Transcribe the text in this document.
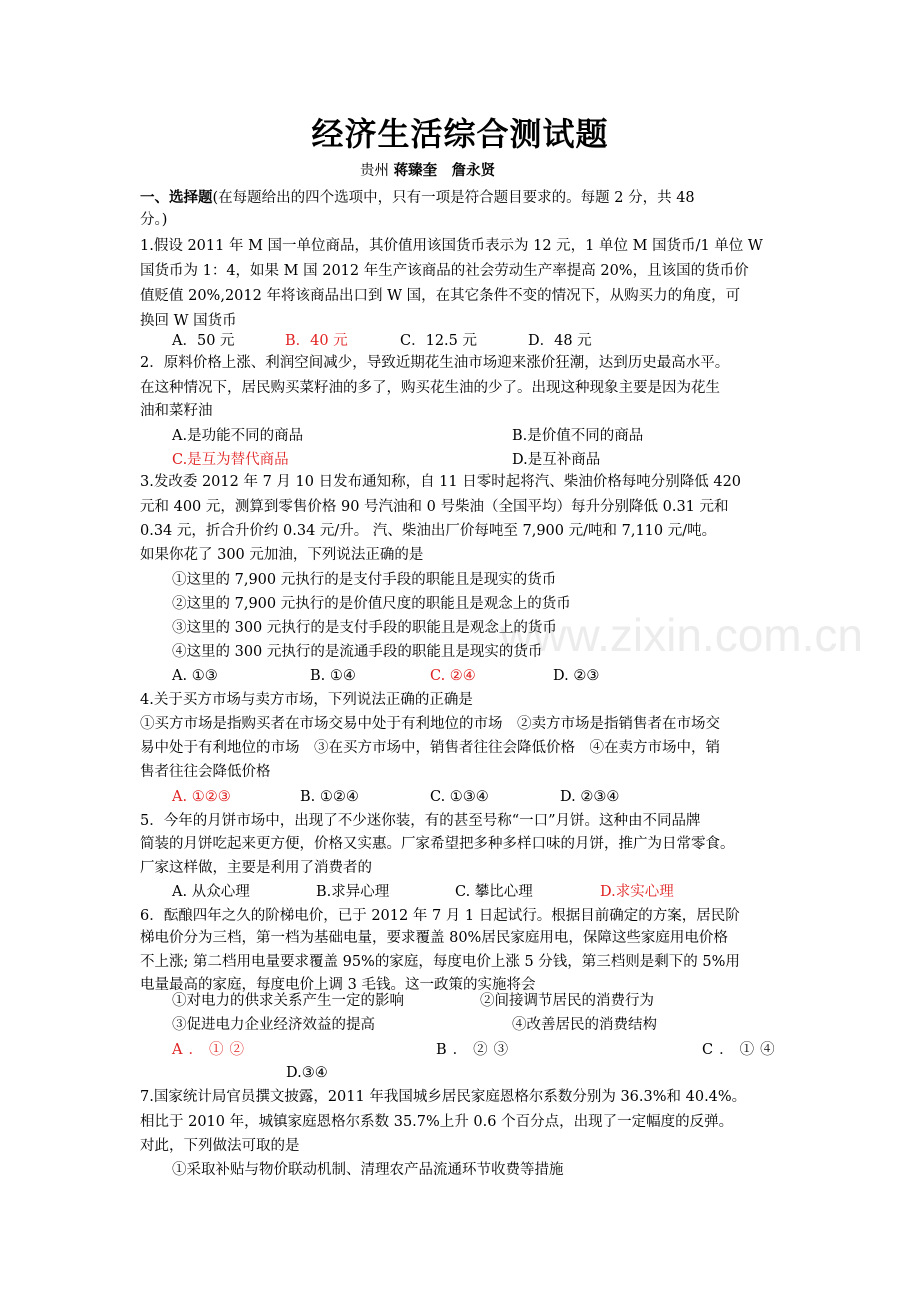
www.zixin.com.cn
经济生活综合测试题
贵州 蒋臻奎　詹永贤
一、选择题(在每题给出的四个选项中，只有一项是符合题目要求的。每题 2 分，共 48
分。)
1.假设 2011 年 M 国一单位商品，其价值用该国货币表示为 12 元，1 单位 M 国货币/1 单位 W
国货币为 1：4，如果 M 国 2012 年生产该商品的社会劳动生产率提高 20%，且该国的货币价
值贬值 20%,2012 年将该商品出口到 W 国，在其它条件不变的情况下，从购买力的角度，可
换回 W 国货币
A．50 元	B．40 元	C．12.5 元	D．48 元
2．原料价格上涨、利润空间减少，导致近期花生油市场迎来涨价狂潮，达到历史最高水平。
在这种情况下，居民购买菜籽油的多了，购买花生油的少了。出现这种现象主要是因为花生
油和菜籽油
A.是功能不同的商品	B.是价值不同的商品
C.是互为替代商品	D.是互补商品
3.发改委 2012 年 7 月 10 日发布通知称，自 11 日零时起将汽、柴油价格每吨分别降低 420
元和 400 元，测算到零售价格 90 号汽油和 0 号柴油（全国平均）每升分别降低 0.31 元和
0.34 元，折合升价约 0.34 元/升。 汽、柴油出厂价每吨至 7,900 元/吨和 7,110 元/吨。
如果你花了 300 元加油，下列说法正确的是
①这里的 7,900 元执行的是支付手段的职能且是现实的货币
②这里的 7,900 元执行的是价值尺度的职能且是观念上的货币
③这里的 300 元执行的是支付手段的职能且是观念上的货币
④这里的 300 元执行的是流通手段的职能且是现实的货币
A. ①③	B. ①④	C. ②④	D. ②③
4.关于买方市场与卖方市场，下列说法正确的正确是
①买方市场是指购买者在市场交易中处于有利地位的市场　②卖方市场是指销售者在市场交
易中处于有利地位的市场　③在买方市场中，销售者往往会降低价格　④在卖方市场中，销
售者往往会降低价格
A. ①②③	B. ①②④	C. ①③④	D. ②③④
5．今年的月饼市场中，出现了不少迷你装，有的甚至号称“一口”月饼。这种由不同品牌
简装的月饼吃起来更方便，价格又实惠。厂家希望把多种多样口味的月饼，推广为日常零食。
厂家这样做，主要是利用了消费者的
A. 从众心理	B.求异心理	C. 攀比心理	D.求实心理
6．酝酿四年之久的阶梯电价，已于 2012 年 7 月 1 日起试行。根据目前确定的方案，居民阶
梯电价分为三档，第一档为基础电量，要求覆盖 80%居民家庭用电，保障这些家庭用电价格
不上涨; 第二档用电量要求覆盖 95%的家庭，每度电价上涨 5 分钱，第三档则是剩下的 5%用
电量最高的家庭，每度电价上调 3 毛钱。这一政策的实施将会
①对电力的供求关系产生一定的影响	②间接调节居民的消费行为
③促进电力企业经济效益的提高	④改善居民的消费结构
A．①②	B．②③	C．①④
D.③④
7.国家统计局官员撰文披露，2011 年我国城乡居民家庭恩格尔系数分别为 36.3%和 40.4%。
相比于 2010 年，城镇家庭恩格尔系数 35.7%上升 0.6 个百分点，出现了一定幅度的反弹。
对此，下列做法可取的是
①采取补贴与物价联动机制、清理农产品流通环节收费等措施
